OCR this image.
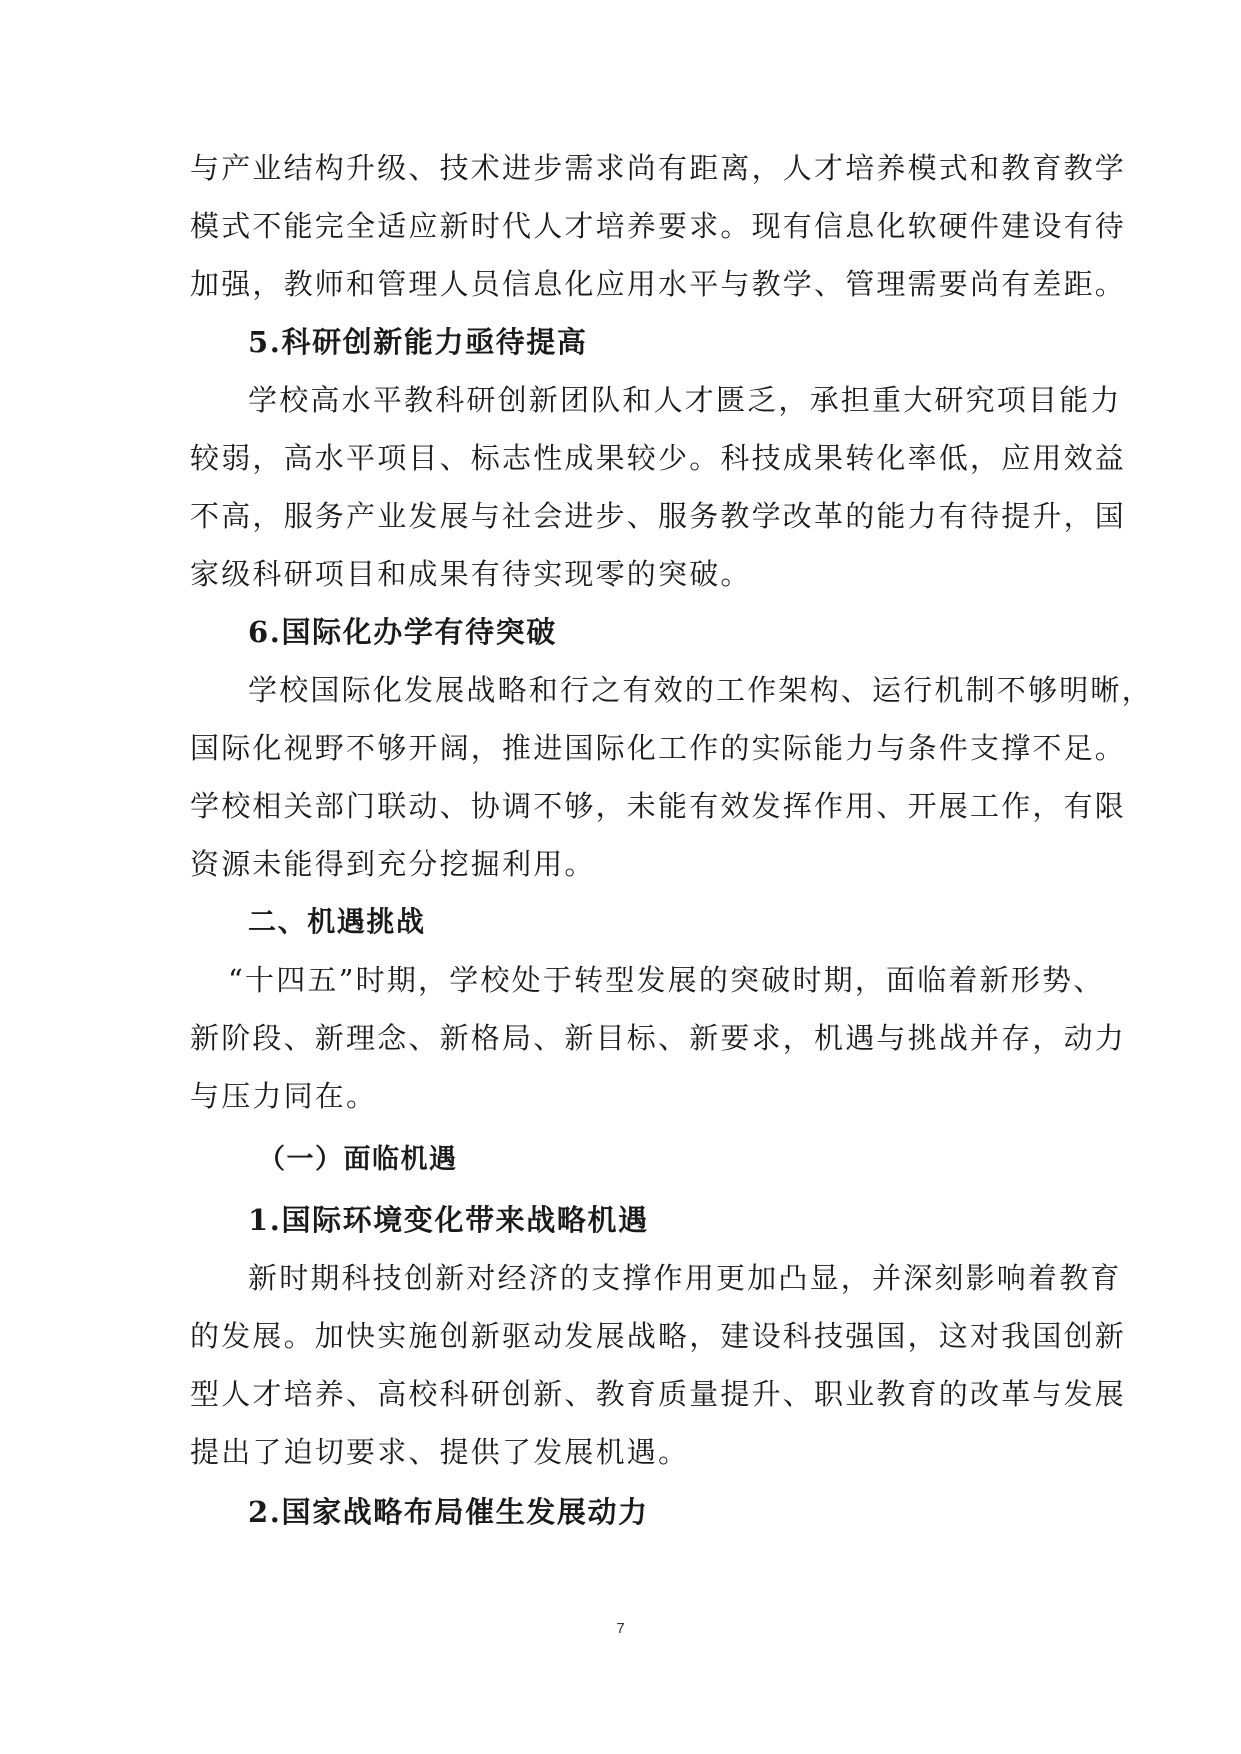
与产业结构升级、技术进步需求尚有距离，人才培养模式和教育教学

模式不能完全适应新时代人才培养要求。现有信息化软硬件建设有待

加强，教师和管理人员信息化应用水平与教学、管理需要尚有差距。

5.科研创新能力亟待提高

学校高水平教科研创新团队和人才匮乏，承担重大研究项目能力

较弱，高水平项目、标志性成果较少。科技成果转化率低，应用效益

不高，服务产业发展与社会进步、服务教学改革的能力有待提升，国

家级科研项目和成果有待实现零的突破。

6.国际化办学有待突破

学校国际化发展战略和行之有效的工作架构、运行机制不够明晰，

国际化视野不够开阔，推进国际化工作的实际能力与条件支撑不足。

学校相关部门联动、协调不够，未能有效发挥作用、开展工作，有限

资源未能得到充分挖掘利用。

二、机遇挑战

“十四五”时期，学校处于转型发展的突破时期，面临着新形势、

新阶段、新理念、新格局、新目标、新要求，机遇与挑战并存，动力

与压力同在。

（一）面临机遇

1.国际环境变化带来战略机遇

新时期科技创新对经济的支撑作用更加凸显，并深刻影响着教育

的发展。加快实施创新驱动发展战略，建设科技强国，这对我国创新

型人才培养、高校科研创新、教育质量提升、职业教育的改革与发展

提出了迫切要求、提供了发展机遇。

2.国家战略布局催生发展动力

7
